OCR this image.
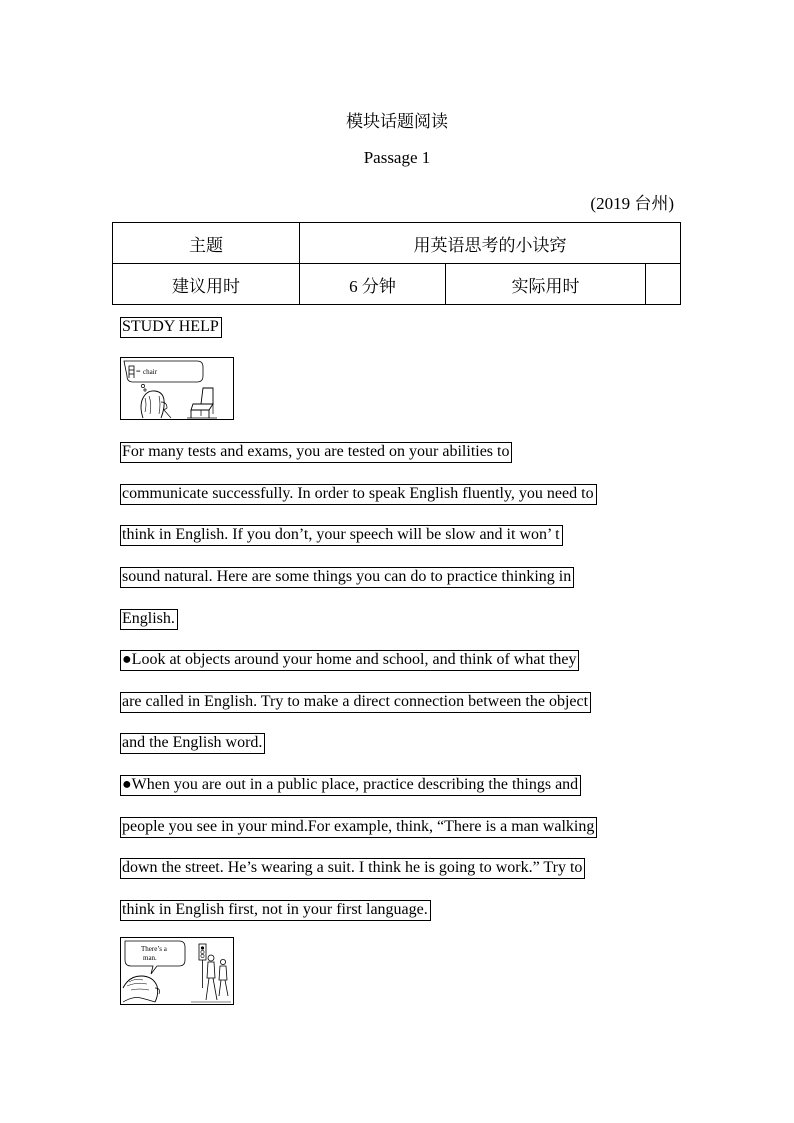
模块话题阅读
Passage 1
(2019 台州)
主题	用英语思考的小诀窍		
建议用时	6 分钟	实际用时	
STUDY HELP
= chair
For many tests and exams, you are tested on your abilities to
communicate successfully. In order to speak English fluently, you need to
think in English. If you don’t, your speech will be slow and it won’ t
sound natural. Here are some things you can do to practice thinking in
English.
●Look at objects around your home and school, and think of what they
are called in English. Try to make a direct connection between the object
and the English word.
●When you are out in a public place, practice describing the things and
people you see in your mind.For example, think, “There is a man walking
down the street. He’s wearing a suit. I think he is going to work.” Try to
think in English first, not in your first language.
There’s a
man.
